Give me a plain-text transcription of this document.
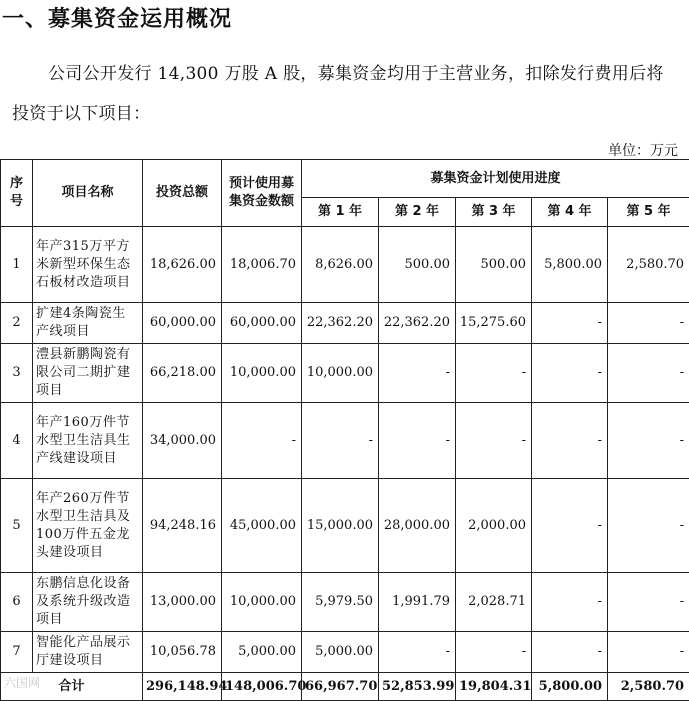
一、募集资金运用概况
公司公开发行 14,300 万股 A 股，募集资金均用于主营业务，扣除发行费用后将投资于以下项目：
单位：万元
序号	项目名称	投资总额	预计使用募集资金数额	募集资金计划使用进度				
				第 1 年	第 2 年	第 3 年	第 4 年	第 5 年
1	年产315万平方米新型环保生态石板材改造项目	18,626.00	18,006.70	8,626.00	500.00	500.00	5,800.00	2,580.70
2	扩建4条陶瓷生产线项目	60,000.00	60,000.00	22,362.20	22,362.20	15,275.60	-	-
3	澧县新鹏陶瓷有限公司二期扩建项目	66,218.00	10,000.00	10,000.00	-	-	-	-
4	年产160万件节水型卫生洁具生产线建设项目	34,000.00	-	-	-	-	-	-
5	年产260万件节水型卫生洁具及100万件五金龙头建设项目	94,248.16	45,000.00	15,000.00	28,000.00	2,000.00	-	-
6	东鹏信息化设备及系统升级改造项目	13,000.00	10,000.00	5,979.50	1,991.79	2,028.71	-	-
7	智能化产品展示厅建设项目	10,056.78	5,000.00	5,000.00	-	-	-	-
合计		296,148.94	148,006.70	66,967.70	52,853.99	19,804.31	5,800.00	2,580.70
六国网
